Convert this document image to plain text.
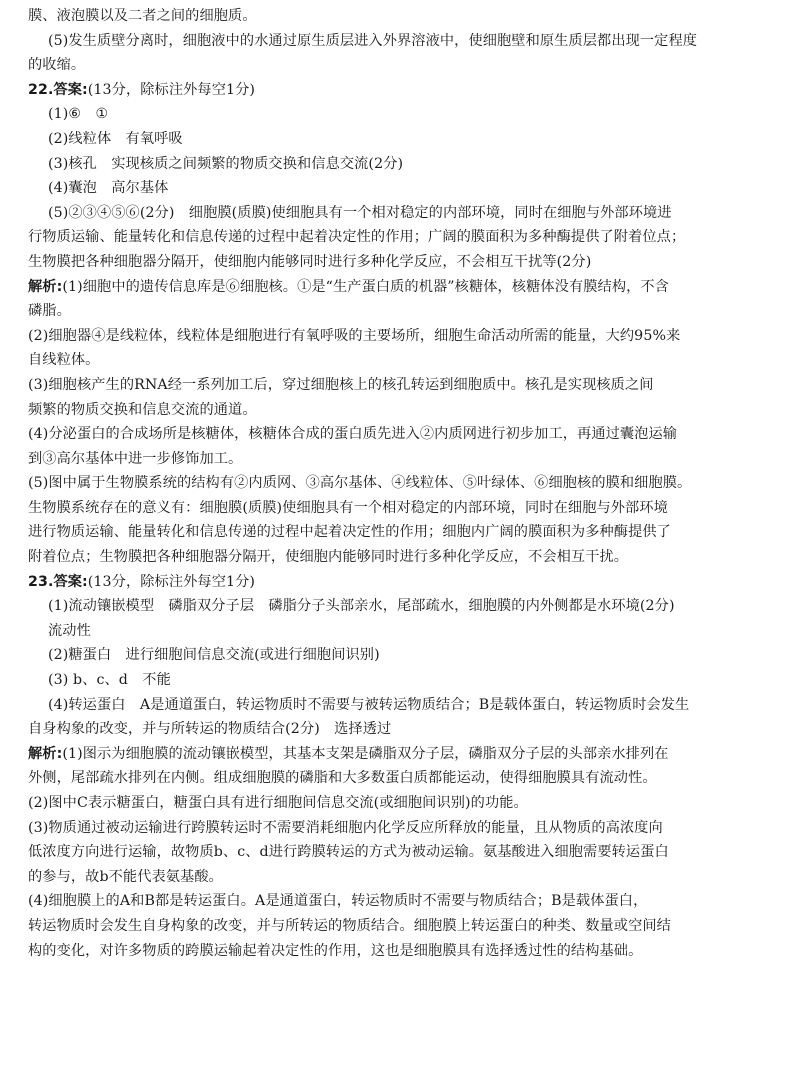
膜、液泡膜以及二者之间的细胞质。
(5)发生质壁分离时，细胞液中的水通过原生质层进入外界溶液中，使细胞壁和原生质层都出现一定程度
的收缩。
22.答案:(13分，除标注外每空1分)
(1)⑥　①
(2)线粒体　有氧呼吸
(3)核孔　实现核质之间频繁的物质交换和信息交流(2分)
(4)囊泡　高尔基体
(5)②③④⑤⑥(2分)　细胞膜(质膜)使细胞具有一个相对稳定的内部环境，同时在细胞与外部环境进
行物质运输、能量转化和信息传递的过程中起着决定性的作用；广阔的膜面积为多种酶提供了附着位点；
生物膜把各种细胞器分隔开，使细胞内能够同时进行多种化学反应，不会相互干扰等(2分)
解析:(1)细胞中的遗传信息库是⑥细胞核。①是“生产蛋白质的机器”核糖体，核糖体没有膜结构，不含
磷脂。
(2)细胞器④是线粒体，线粒体是细胞进行有氧呼吸的主要场所，细胞生命活动所需的能量，大约95%来
自线粒体。
(3)细胞核产生的RNA经一系列加工后，穿过细胞核上的核孔转运到细胞质中。核孔是实现核质之间
频繁的物质交换和信息交流的通道。
(4)分泌蛋白的合成场所是核糖体，核糖体合成的蛋白质先进入②内质网进行初步加工，再通过囊泡运输
到③高尔基体中进一步修饰加工。
(5)图中属于生物膜系统的结构有②内质网、③高尔基体、④线粒体、⑤叶绿体、⑥细胞核的膜和细胞膜。
生物膜系统存在的意义有：细胞膜(质膜)使细胞具有一个相对稳定的内部环境，同时在细胞与外部环境
进行物质运输、能量转化和信息传递的过程中起着决定性的作用；细胞内广阔的膜面积为多种酶提供了
附着位点；生物膜把各种细胞器分隔开，使细胞内能够同时进行多种化学反应，不会相互干扰。
23.答案:(13分，除标注外每空1分)
(1)流动镶嵌模型　磷脂双分子层　磷脂分子头部亲水，尾部疏水，细胞膜的内外侧都是水环境(2分)
流动性
(2)糖蛋白　进行细胞间信息交流(或进行细胞间识别)
(3) b、c、d　不能
(4)转运蛋白　A是通道蛋白，转运物质时不需要与被转运物质结合；B是载体蛋白，转运物质时会发生
自身构象的改变，并与所转运的物质结合(2分)　选择透过
解析:(1)图示为细胞膜的流动镶嵌模型，其基本支架是磷脂双分子层，磷脂双分子层的头部亲水排列在
外侧，尾部疏水排列在内侧。组成细胞膜的磷脂和大多数蛋白质都能运动，使得细胞膜具有流动性。
(2)图中C表示糖蛋白，糖蛋白具有进行细胞间信息交流(或细胞间识别)的功能。
(3)物质通过被动运输进行跨膜转运时不需要消耗细胞内化学反应所释放的能量，且从物质的高浓度向
低浓度方向进行运输，故物质b、c、d进行跨膜转运的方式为被动运输。氨基酸进入细胞需要转运蛋白
的参与，故b不能代表氨基酸。
(4)细胞膜上的A和B都是转运蛋白。A是通道蛋白，转运物质时不需要与物质结合；B是载体蛋白，
转运物质时会发生自身构象的改变，并与所转运的物质结合。细胞膜上转运蛋白的种类、数量或空间结
构的变化，对许多物质的跨膜运输起着决定性的作用，这也是细胞膜具有选择透过性的结构基础。
